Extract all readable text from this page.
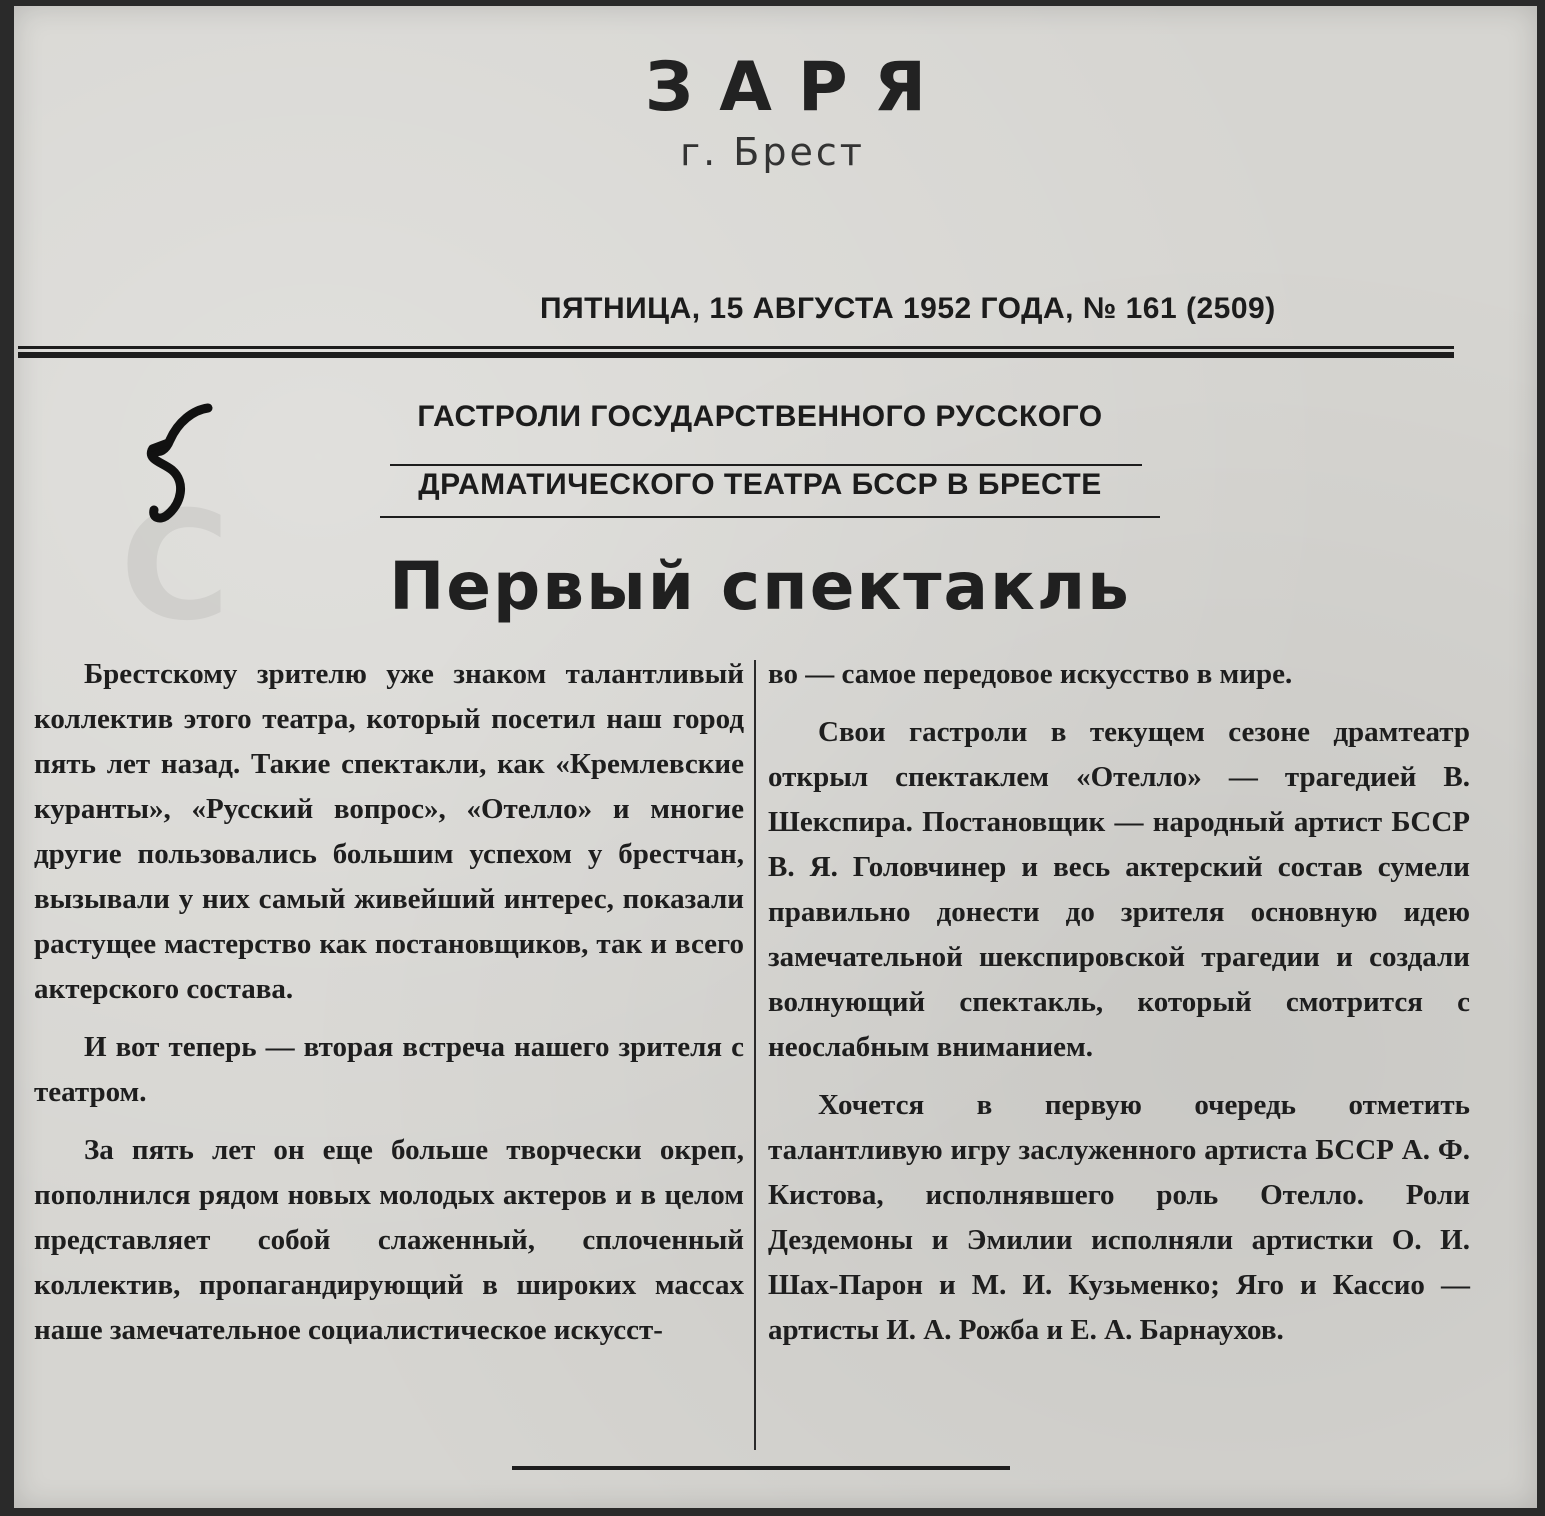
С
ЗАРЯ
г. Брест
ПЯТНИЦА, 15 АВГУСТА 1952 ГОДА, № 161 (2509)
ГАСТРОЛИ ГОСУДАРСТВЕННОГО РУССКОГО
ДРАМАТИЧЕСКОГО ТЕАТРА БССР В БРЕСТЕ
Первый спектакль

Брестскому зрителю уже знаком талантливый коллектив этого театра, который посетил наш город пять лет назад. Такие спектакли, как «Кремлевские куранты», «Русский вопрос», «Отелло» и многие другие пользовались большим успехом у брестчан, вызывали у них самый живейший интерес, показали растущее мастерство как постановщиков, так и всего актерского состава.

И вот теперь — вторая встреча нашего зрителя с театром.

За пять лет он еще больше творчески окреп, пополнился рядом новых молодых актеров и в целом представляет собой слаженный, сплоченный коллектив, пропагандирующий в широких массах наше замечательное социалистическое искусст-

во — самое передовое искусство в мире.

Свои гастроли в текущем сезоне драмтеатр открыл спектаклем «Отелло» — трагедией В. Шекспира. Постановщик — народный артист БССР В. Я. Головчинер и весь актерский состав сумели правильно донести до зрителя основную идею замечательной шекспировской трагедии и создали волнующий спектакль, который смотрится с неослабным вниманием.

Хочется в первую очередь отметить талантливую игру заслуженного артиста БССР А. Ф. Кистова, исполнявшего роль Отелло. Роли Дездемоны и Эмилии исполняли артистки О. И. Шах-Парон и М. И. Кузьменко; Яго и Кассио — артисты И. А. Рожба и Е. А. Барнаухов.
